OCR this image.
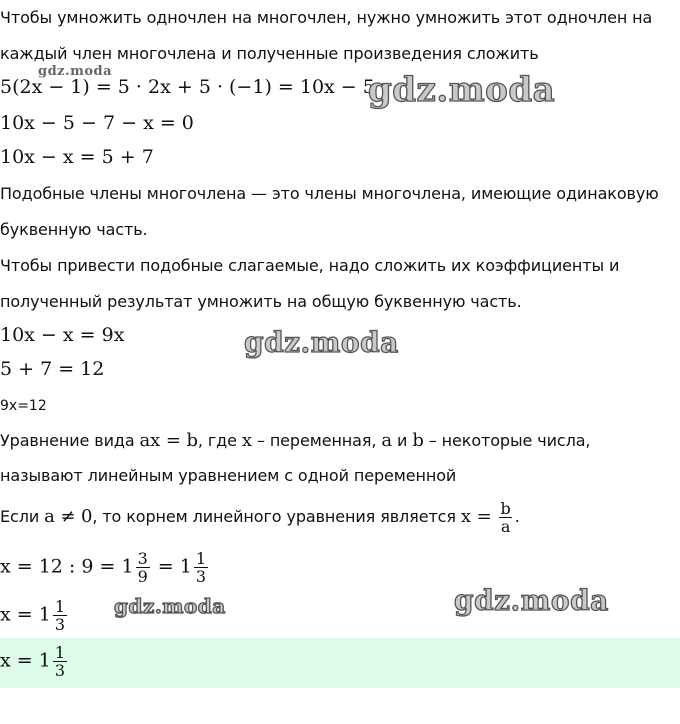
Чтобы умножить одночлен на многочлен, нужно умножить этот одночлен на
каждый член многочлена и полученные произведения сложить
5(2x − 1) = 5 · 2x + 5 · (−1) = 10x − 5
gdz.moda	gdz.moda
10x − 5 − 7 − x = 0
10x − x = 5 + 7
Подобные члены многочлена — это члены многочлена, имеющие одинаковую
буквенную часть.
Чтобы привести подобные слагаемые, надо сложить их коэффициенты и
полученный результат умножить на общую буквенную часть.
10x − x = 9x	gdz.moda
5 + 7 = 12
9x=12
Уравнение вида ax = b, где x – переменная, a и b – некоторые числа,
называют линейным уравнением с одной переменной
Если a ≠ 0, то корнем линейного уравнения является $x = \frac{b}{a}$ .
x = 12 : $9 = 1 \frac{3}{9} = 1 \frac{1}{3}$
$x = 1 \frac{1}{3}$ gdz.moda	gdz.moda
$x = 1 \frac{1}{3}$
